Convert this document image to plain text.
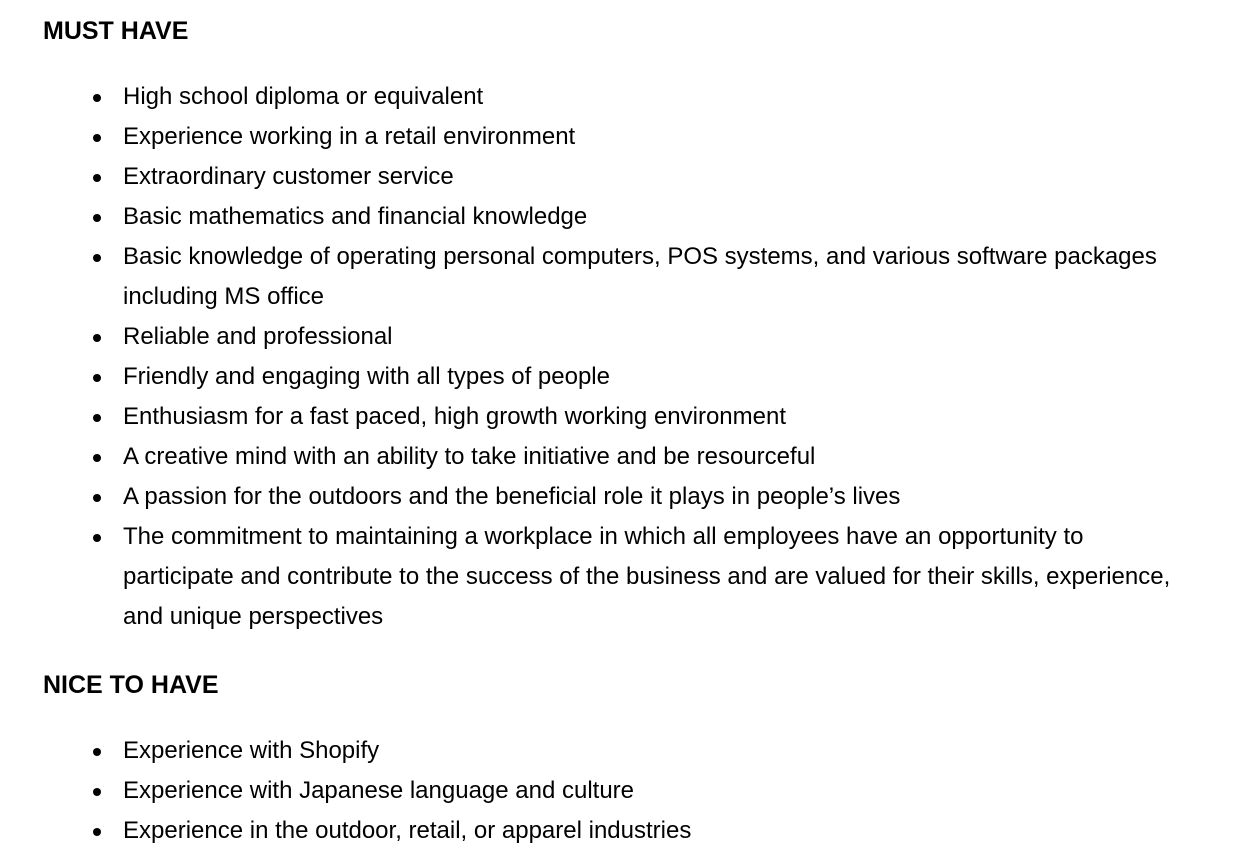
MUST HAVE
High school diploma or equivalent
Experience working in a retail environment
Extraordinary customer service
Basic mathematics and financial knowledge
Basic knowledge of operating personal computers, POS systems, and various software packages including MS office
Reliable and professional
Friendly and engaging with all types of people
Enthusiasm for a fast paced, high growth working environment
A creative mind with an ability to take initiative and be resourceful
A passion for the outdoors and the beneficial role it plays in people’s lives
The commitment to maintaining a workplace in which all employees have an opportunity to participate and contribute to the success of the business and are valued for their skills, experience, and unique perspectives
NICE TO HAVE
Experience with Shopify
Experience with Japanese language and culture
Experience in the outdoor, retail, or apparel industries
